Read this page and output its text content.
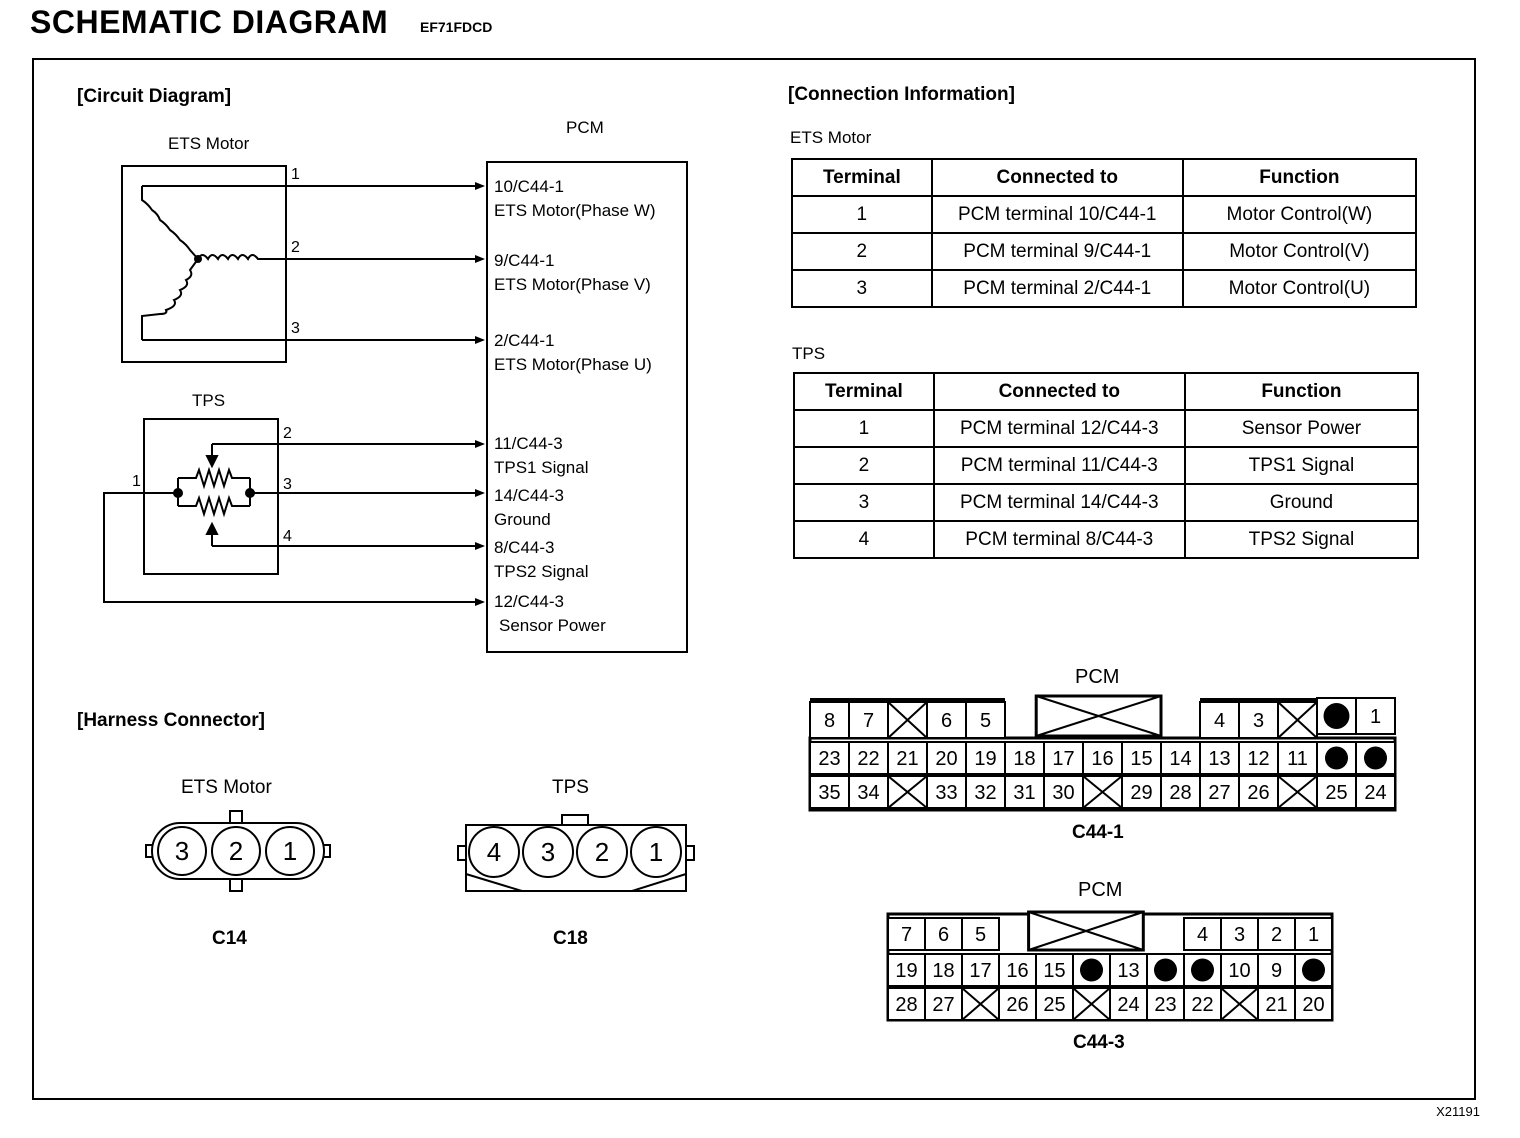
SCHEMATIC DIAGRAM EF71FDCD
X21191
[Circuit Diagram]	[Connection Information]
[Harness Connector]
ETS Motor
TPS
PCM
1
2
3
2
3
4
1
10/C44-1
ETS Motor(Phase W)
9/C44-1
ETS Motor(Phase V)
2/C44-1
ETS Motor(Phase U)
11/C44-3
TPS1 Signal
14/C44-3
Ground
8/C44-3
TPS2 Signal
12/C44-3
Sensor Power
ETS Motor
Terminal	Connected to	Function
1	PCM terminal 10/C44-1	Motor Control(W)
2	PCM terminal 9/C44-1	Motor Control(V)
3	PCM terminal 2/C44-1	Motor Control(U)
TPS
Terminal	Connected to	Function
1	PCM terminal 12/C44-3	Sensor Power
2	PCM terminal 11/C44-3	TPS1 Signal
3	PCM terminal 14/C44-3	Ground
4	PCM terminal 8/C44-3	TPS2 Signal
ETS Motor	TPS
3 2 1	4 3 2 1
C14	C18
PCM
8 7	6 5	4 3	1
23 22 21 20 19 18 17 16 15 14 13 12 11
35 34	33 32 31 30	29 28 27 26	25 24
C44-1
PCM
7 6 5	4 3 2 1
19 18 17 16 15	13	10 9
28 27	26 25	24 23 22	21 20
C44-3
